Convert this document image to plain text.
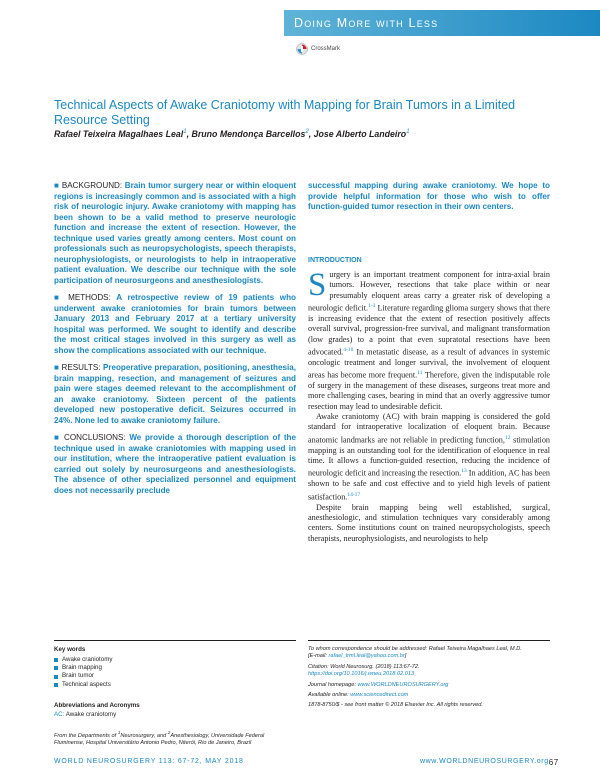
Doing More with Less
CrossMark
Technical Aspects of Awake Craniotomy with Mapping for Brain Tumors in a Limited Resource Setting
Rafael Teixeira Magalhaes Leal$^1$, Bruno Mendonça Barcellos$^2$, Jose Alberto Landeiro$^1$

■ BACKGROUND: Brain tumor surgery near or within eloquent regions is increasingly common and is associated with a high risk of neurologic injury. Awake craniotomy with mapping has been shown to be a valid method to preserve neurologic function and increase the extent of resection. However, the technique used varies greatly among centers. Most count on professionals such as neuropsychologists, speech therapists, neurophysiologists, or neurologists to help in intraoperative patient evaluation. We describe our technique with the sole participation of neurosurgeons and anesthesiologists.

■ METHODS: A retrospective review of 19 patients who underwent awake craniotomies for brain tumors between January 2013 and February 2017 at a tertiary university hospital was performed. We sought to identify and describe the most critical stages involved in this surgery as well as show the complications associated with our technique.

■ RESULTS: Preoperative preparation, positioning, anesthesia, brain mapping, resection, and management of seizures and pain were stages deemed relevant to the accomplishment of an awake craniotomy. Sixteen percent of the patients developed new postoperative deficit. Seizures occurred in 24%. None led to awake craniotomy failure.

■ CONCLUSIONS: We provide a thorough description of the technique used in awake craniotomies with mapping used in our institution, where the intraoperative patient evaluation is carried out solely by neurosurgeons and anesthesiologists. The absence of other specialized personnel and equipment does not necessarily preclude

successful mapping during awake craniotomy. We hope to provide helpful information for those who wish to offer function-guided tumor resection in their own centers.
INTRODUCTION

Surgery is an important treatment component for intra-axial brain tumors. However, resections that take place within or near presumably eloquent areas carry a greater risk of developing a neurologic deficit.$^{1-3}$ Literature regarding glioma surgery shows that there is increasing evidence that the extent of resection positively affects overall survival, progression-free survival, and malignant transformation (low grades) to a point that even supratotal resections have been advocated.$^{4-10}$ In metastatic disease, as a result of advances in systemic oncologic treatment and longer survival, the involvement of eloquent areas has become more frequent.$^{11}$ Therefore, given the indisputable role of surgery in the management of these diseases, surgeons treat more and more challenging cases, bearing in mind that an overly aggressive tumor resection may lead to undesirable deficit.

Awake craniotomy (AC) with brain mapping is considered the gold standard for intraoperative localization of eloquent brain. Because anatomic landmarks are not reliable in predicting function,$^{12}$ stimulation mapping is an outstanding tool for the identification of eloquence in real time. It allows a function-guided resection, reducing the incidence of neurologic deficit and increasing the resection.$^{13}$ In addition, AC has been shown to be safe and cost effective and to yield high levels of patient satisfaction.$^{14-17}$

Despite brain mapping being well established, surgical, anesthesiologic, and stimulation techniques vary considerably among centers. Some institutions count on trained neuropsychologists, speech therapists, neurophysiologists, and neurologists to help

Key words
Awake craniotomy
Brain mapping
Brain tumor
Technical aspects
Abbreviations and Acronyms
AC: Awake craniotomy
From the Departments of $^1$Neurosurgery, and $^2$Anesthesiology, Universidade Federal Fluminense, Hospital Universitário Antonio Pedro, Niterói, Rio de Janeiro, Brazil

To whom correspondence should be addressed: Rafael Teixeira Magalhaes Leal, M.D.
[E-mail: rafael_trml.leal@yahoo.com.br]

Citation: World Neurosurg. (2018) 113:67-72.
https://doi.org/10.1016/j.wneu.2018.02.013

Journal homepage: www.WORLDNEUROSURGERY.org

Available online: www.sciencedirect.com

1878-8750/$ - see front matter © 2018 Elsevier Inc. All rights reserved.

WORLD NEUROSURGERY 113: 67-72, MAY 2018	www.WORLDNEUROSURGERY.org 67
